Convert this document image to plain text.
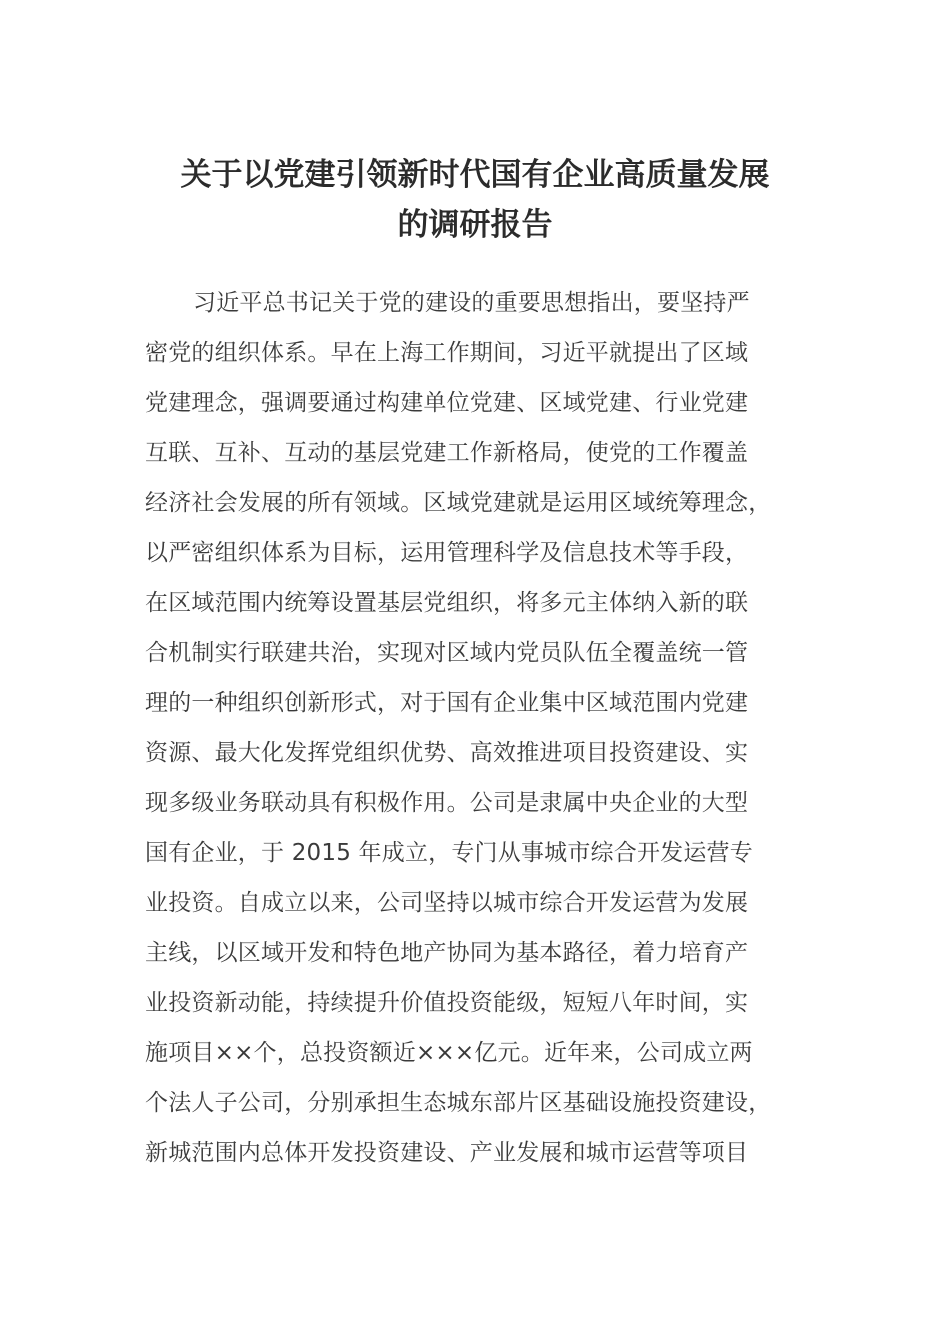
关于以党建引领新时代国有企业高质量发展
的调研报告
习近平总书记关于党的建设的重要思想指出，要坚持严
密党的组织体系。早在上海工作期间，习近平就提出了区域
党建理念，强调要通过构建单位党建、区域党建、行业党建
互联、互补、互动的基层党建工作新格局，使党的工作覆盖
经济社会发展的所有领域。区域党建就是运用区域统筹理念，
以严密组织体系为目标，运用管理科学及信息技术等手段，
在区域范围内统筹设置基层党组织，将多元主体纳入新的联
合机制实行联建共治，实现对区域内党员队伍全覆盖统一管
理的一种组织创新形式，对于国有企业集中区域范围内党建
资源、最大化发挥党组织优势、高效推进项目投资建设、实
现多级业务联动具有积极作用。公司是隶属中央企业的大型
国有企业，于 2015 年成立，专门从事城市综合开发运营专
业投资。自成立以来，公司坚持以城市综合开发运营为发展
主线，以区域开发和特色地产协同为基本路径，着力培育产
业投资新动能，持续提升价值投资能级，短短八年时间，实
施项目××个，总投资额近×××亿元。近年来，公司成立两
个法人子公司，分别承担生态城东部片区基础设施投资建设，
新城范围内总体开发投资建设、产业发展和城市运营等项目
